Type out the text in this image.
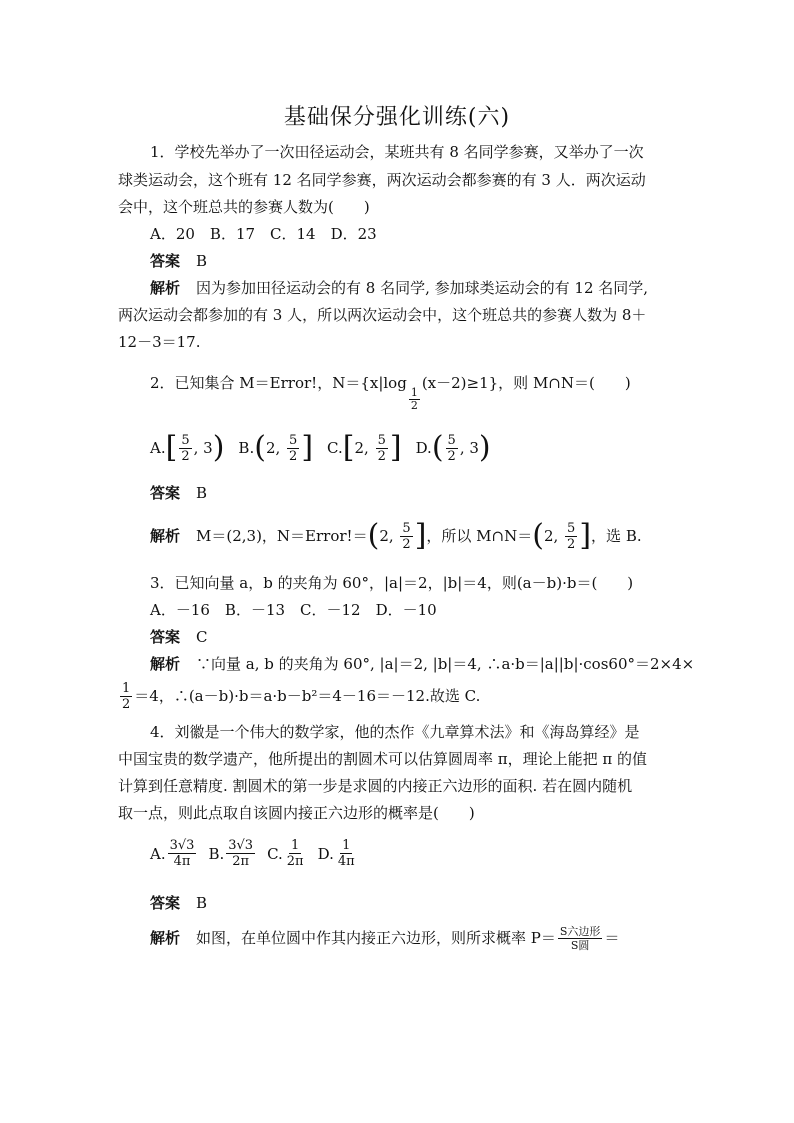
基础保分强化训练(六)
1．学校先举办了一次田径运动会，某班共有 8 名同学参赛，又举办了一次
球类运动会，这个班有 12 名同学参赛，两次运动会都参赛的有 3 人．两次运动
会中，这个班总共的参赛人数为(　　)
A．20　B．17　C．14　D．23
答案 B
解析 因为参加田径运动会的有 8 名同学, 参加球类运动会的有 12 名同学,
两次运动会都参加的有 3 人，所以两次运动会中，这个班总共的参赛人数为 8＋
12－3＝17.
2．已知集合 M＝Error!，N＝{x|log
$\frac{1}{2}$
(x－2)≥1}，则 M∩N＝(　　)
A. [ $\frac{5}{2}$ , 3 ) B. ( 2, $\frac{5}{2}$ ] C. [ 2, $\frac{5}{2}$ ] D. ( $\frac{5}{2}$ , 3 )
答案 B
解析 M＝(2,3)，N＝Error!＝ ( 2, $\frac{5}{2}$ ] ，所以 M∩N＝ ( 2, $\frac{5}{2}$ ] ，选 B.
3．已知向量 a，b 的夹角为 60°，|a|＝2，|b|＝4，则(a－b)·b＝(　　)
A．－16　B．－13　C．－12　D．－10
答案 C
解析 ∵向量 a, b 的夹角为 60°, |a|＝2, |b|＝4, ∴a·b＝|a||b|·cos60°＝2×4×
$\frac{1}{2} =4$，∴(a－b)·b＝a·b－b²＝4－16＝－12.故选 C.
4．刘徽是一个伟大的数学家，他的杰作《九章算术法》和《海岛算经》是
中国宝贵的数学遗产，他所提出的割圆术可以估算圆周率 π，理论上能把 π 的值
计算到任意精度. 割圆术的第一步是求圆的内接正六边形的面积. 若在圆内随机
取一点，则此点取自该圆内接正六边形的概率是(　　)
A. $\frac{3√3}{4\pi} B$. $\frac{3√3}{2\pi} C$. $\frac{1}{2\pi} D$. $\frac{1}{4\pi}$
答案 B
解析 如图，在单位圆中作其内接正六边形，则所求概率 $P= \frac{\text{S六边形}}{\text{S圆}}$ ＝
